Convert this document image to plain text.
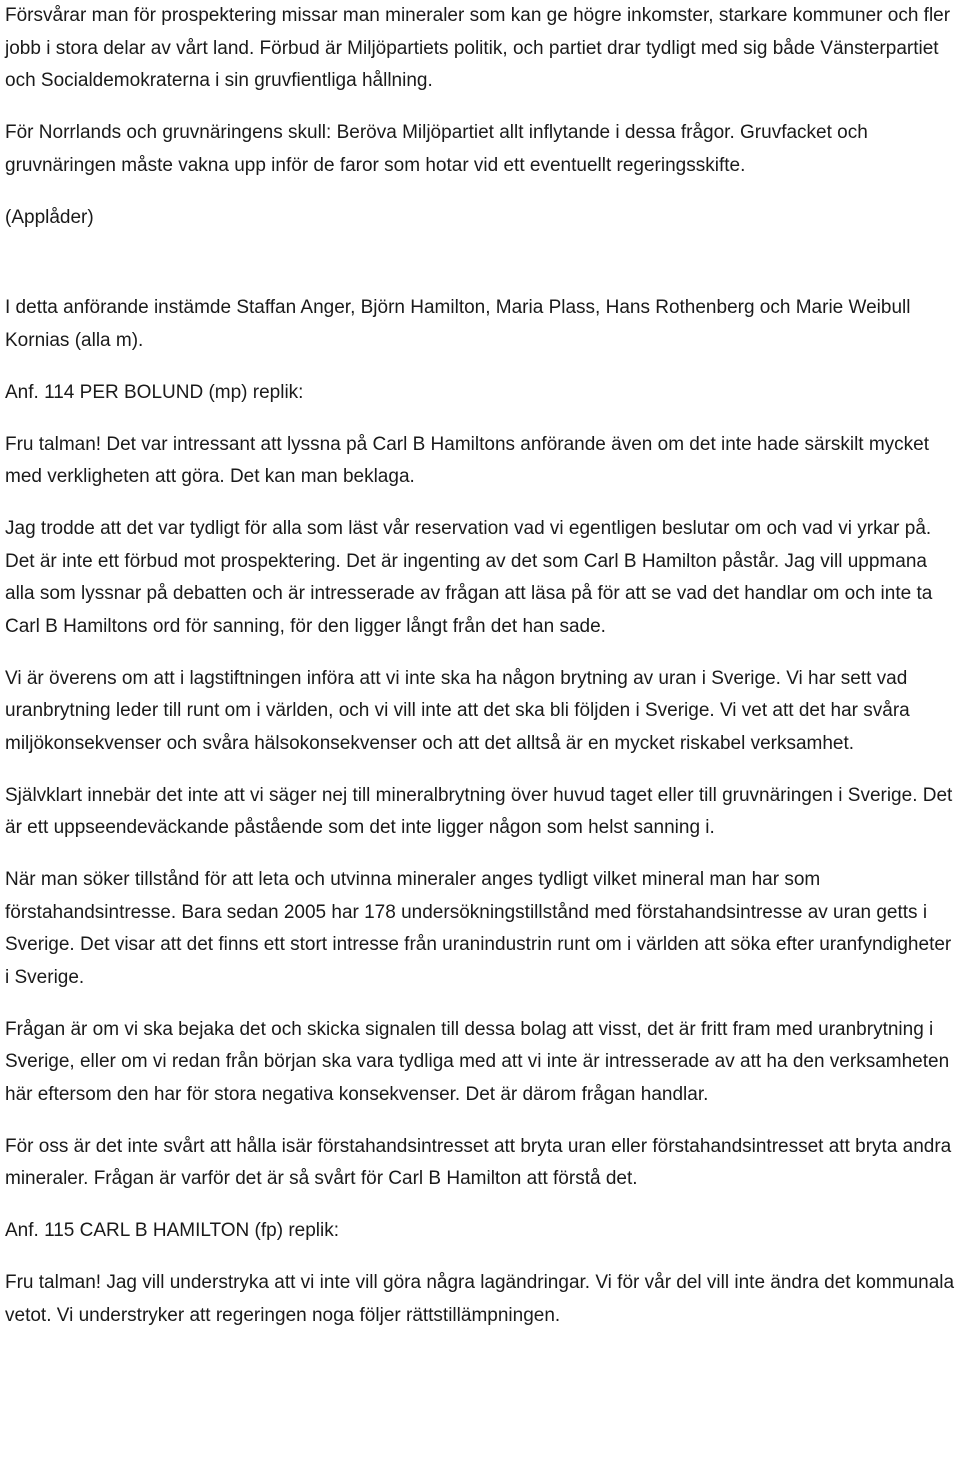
Försvårar man för prospektering missar man mineraler som kan ge högre inkomster, starkare kommuner och fler jobb i stora delar av vårt land. Förbud är Miljöpartiets politik, och partiet drar tydligt med sig både Vänsterpartiet och Socialdemokraterna i sin gruvfientliga hållning.

För Norrlands och gruvnäringens skull: Beröva Miljöpartiet allt inflytande i dessa frågor. Gruvfacket och gruvnäringen måste vakna upp inför de faror som hotar vid ett eventuellt regeringsskifte.

(Applåder)

I detta anförande instämde Staffan Anger, Björn Hamilton, Maria Plass, Hans Rothenberg och Marie Weibull Kornias (alla m).

Anf. 114 PER BOLUND (mp) replik:

Fru talman! Det var intressant att lyssna på Carl B Hamiltons anförande även om det inte hade särskilt mycket med verkligheten att göra. Det kan man beklaga.

Jag trodde att det var tydligt för alla som läst vår reservation vad vi egentligen beslutar om och vad vi yrkar på. Det är inte ett förbud mot prospektering. Det är ingenting av det som Carl B Hamilton påstår. Jag vill uppmana alla som lyssnar på debatten och är intresserade av frågan att läsa på för att se vad det handlar om och inte ta Carl B Hamiltons ord för sanning, för den ligger långt från det han sade.

Vi är överens om att i lagstiftningen införa att vi inte ska ha någon brytning av uran i Sverige. Vi har sett vad uranbrytning leder till runt om i världen, och vi vill inte att det ska bli följden i Sverige. Vi vet att det har svåra miljökonsekvenser och svåra hälsokonsekvenser och att det alltså är en mycket riskabel verksamhet.

Självklart innebär det inte att vi säger nej till mineralbrytning över huvud taget eller till gruvnäringen i Sverige. Det är ett uppseendeväckande påstående som det inte ligger någon som helst sanning i.

När man söker tillstånd för att leta och utvinna mineraler anges tydligt vilket mineral man har som förstahandsintresse. Bara sedan 2005 har 178 undersökningstillstånd med förstahandsintresse av uran getts i Sverige. Det visar att det finns ett stort intresse från uranindustrin runt om i världen att söka efter uranfyndigheter i Sverige.

Frågan är om vi ska bejaka det och skicka signalen till dessa bolag att visst, det är fritt fram med uranbrytning i Sverige, eller om vi redan från början ska vara tydliga med att vi inte är intresserade av att ha den verksamheten här eftersom den har för stora negativa konsekvenser. Det är därom frågan handlar.

För oss är det inte svårt att hålla isär förstahandsintresset att bryta uran eller förstahandsintresset att bryta andra mineraler. Frågan är varför det är så svårt för Carl B Hamilton att förstå det.

Anf. 115 CARL B HAMILTON (fp) replik:

Fru talman! Jag vill understryka att vi inte vill göra några lagändringar. Vi för vår del vill inte ändra det kommunala vetot. Vi understryker att regeringen noga följer rättstillämpningen.
